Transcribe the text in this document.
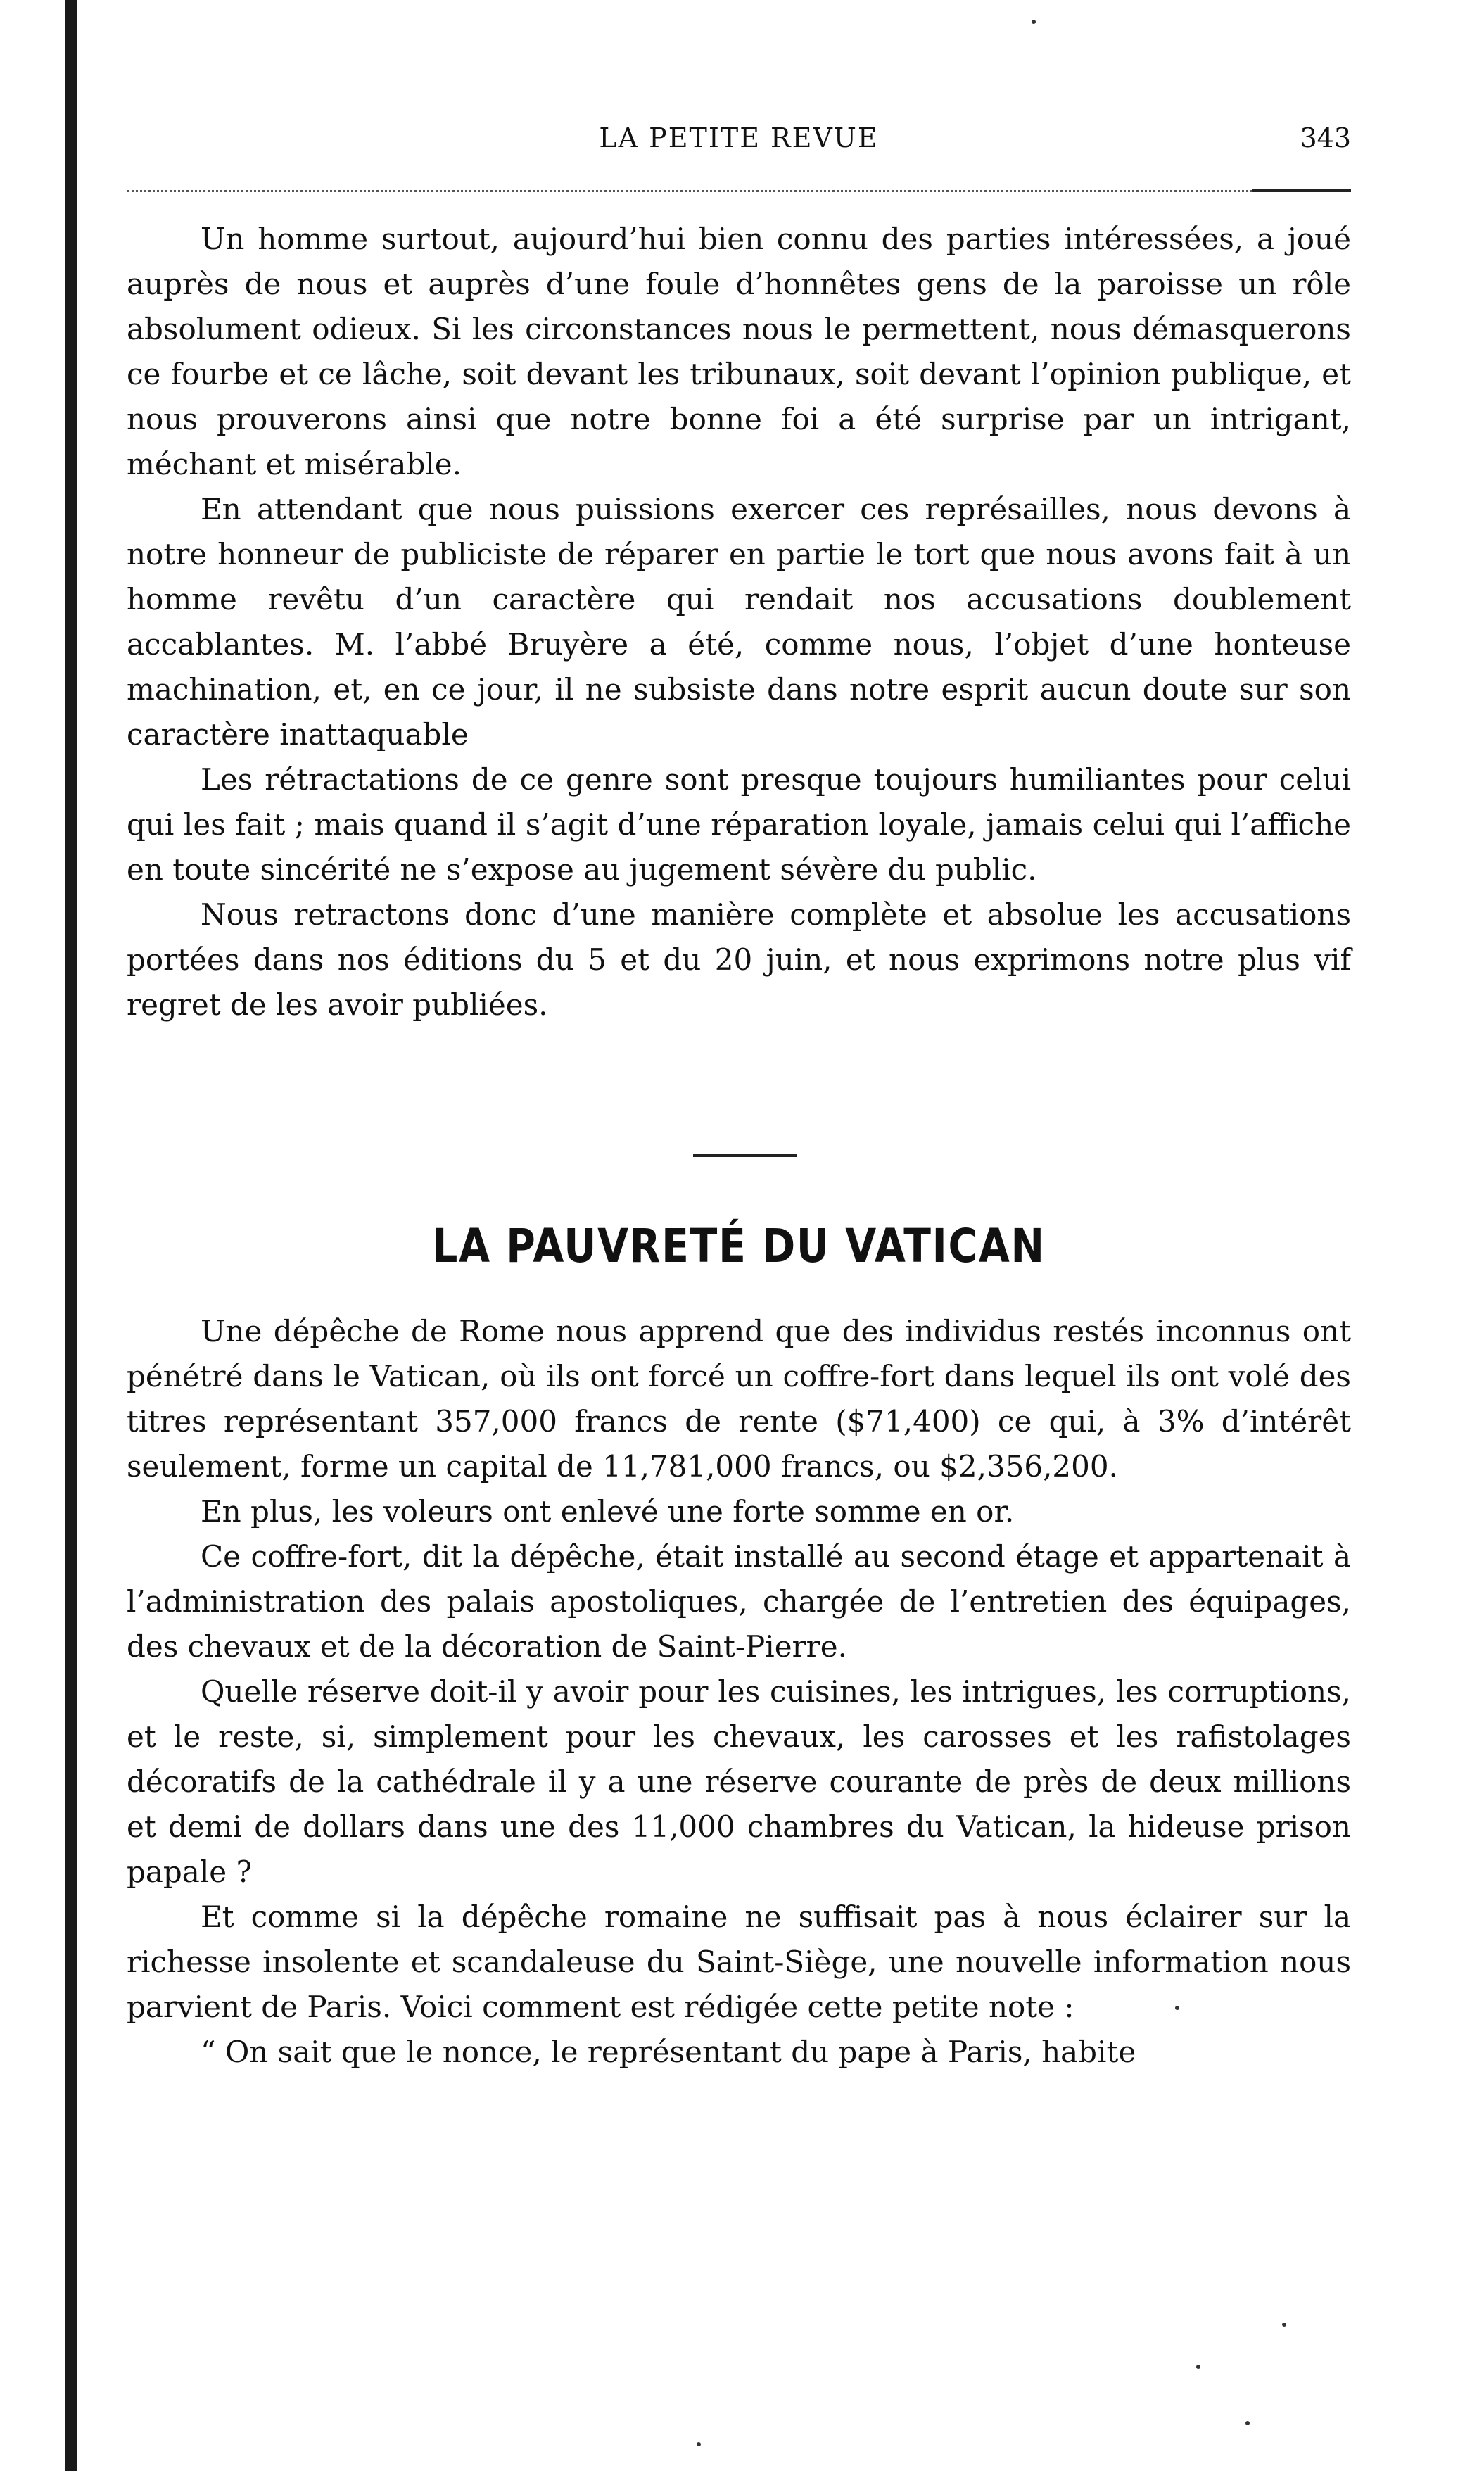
LA PETITE REVUE	343

Un homme surtout, aujourd’hui bien connu des parties intéressées, a joué auprès de nous et auprès d’une foule d’honnêtes gens de la paroisse un rôle absolument odieux. Si les circonstances nous le permettent, nous démasquerons ce fourbe et ce lâche, soit devant les tribunaux, soit devant l’opinion publique, et nous prouverons ainsi que notre bonne foi a été surprise par un intrigant, méchant et misérable.

En attendant que nous puissions exercer ces représailles, nous devons à notre honneur de publiciste de réparer en partie le tort que nous avons fait à un homme revêtu d’un caractère qui rendait nos accusations doublement accablantes. M. l’abbé Bruyère a été, comme nous, l’objet d’une honteuse machination, et, en ce jour, il ne subsiste dans notre esprit aucun doute sur son caractère inattaquable

Les rétractations de ce genre sont presque toujours humiliantes pour celui qui les fait ; mais quand il s’agit d’une réparation loyale, jamais celui qui l’affiche en toute sincérité ne s’expose au jugement sévère du public.

Nous retractons donc d’une manière complète et absolue les accusations portées dans nos éditions du 5 et du 20 juin, et nous exprimons notre plus vif regret de les avoir publiées.

LA PAUVRETÉ DU VATICAN

Une dépêche de Rome nous apprend que des individus restés inconnus ont pénétré dans le Vatican, où ils ont forcé un coffre-fort dans lequel ils ont volé des titres représentant 357,000 francs de rente ($71,400) ce qui, à 3% d’intérêt seulement, forme un capital de 11,781,000 francs, ou $2,356,200.

En plus, les voleurs ont enlevé une forte somme en or.

Ce coffre-fort, dit la dépêche, était installé au second étage et appartenait à l’administration des palais apostoliques, chargée de l’entretien des équipages, des chevaux et de la décoration de Saint-Pierre.

Quelle réserve doit-il y avoir pour les cuisines, les intrigues, les corruptions, et le reste, si, simplement pour les chevaux, les carosses et les rafistolages décoratifs de la cathédrale il y a une réserve courante de près de deux millions et demi de dollars dans une des 11,000 chambres du Vatican, la hideuse prison papale ?

Et comme si la dépêche romaine ne suffisait pas à nous éclairer sur la richesse insolente et scandaleuse du Saint-Siège, une nouvelle information nous parvient de Paris. Voici comment est rédigée cette petite note :

“ On sait que le nonce, le représentant du pape à Paris, habite
